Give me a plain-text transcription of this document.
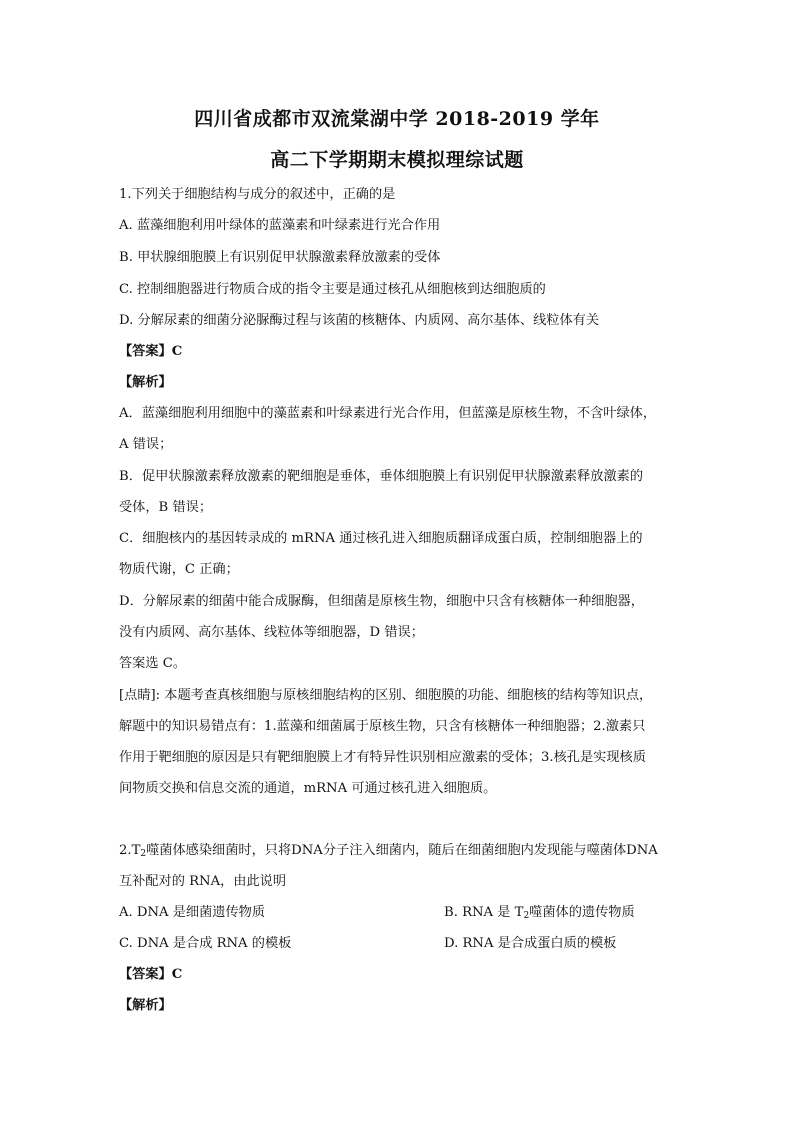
四川省成都市双流棠湖中学 2018-2019 学年
高二下学期期末模拟理综试题
1.下列关于细胞结构与成分的叙述中，正确的是
A. 蓝藻细胞利用叶绿体的蓝藻素和叶绿素进行光合作用
B. 甲状腺细胞膜上有识别促甲状腺激素释放激素的受体
C. 控制细胞器进行物质合成的指令主要是通过核孔从细胞核到达细胞质的
D. 分解尿素的细菌分泌脲酶过程与该菌的核糖体、内质网、高尔基体、线粒体有关
【答案】C
【解析】
A．蓝藻细胞利用细胞中的藻蓝素和叶绿素进行光合作用，但蓝藻是原核生物，不含叶绿体，
A 错误；
B．促甲状腺激素释放激素的靶细胞是垂体，垂体细胞膜上有识别促甲状腺激素释放激素的
受体，B 错误；
C．细胞核内的基因转录成的 mRNA 通过核孔进入细胞质翻译成蛋白质，控制细胞器上的
物质代谢，C 正确；
D．分解尿素的细菌中能合成脲酶，但细菌是原核生物，细胞中只含有核糖体一种细胞器，
没有内质网、高尔基体、线粒体等细胞器，D 错误；
答案选 C。
[点睛]: 本题考查真核细胞与原核细胞结构的区别、细胞膜的功能、细胞核的结构等知识点，
解题中的知识易错点有：1.蓝藻和细菌属于原核生物，只含有核糖体一种细胞器；2.激素只
作用于靶细胞的原因是只有靶细胞膜上才有特异性识别相应激素的受体；3.核孔是实现核质
间物质交换和信息交流的通道，mRNA 可通过核孔进入细胞质。
$2.T_2$噬菌体感染细菌时，只将DNA分子注入细菌内，随后在细菌细胞内发现能与噬菌体DNA
互补配对的 RNA，由此说明
A. DNA 是细菌遗传物质	B. RNA 是 $T_2$噬菌体的遗传物质
C. DNA 是合成 RNA 的模板	D. RNA 是合成蛋白质的模板
【答案】C
【解析】
